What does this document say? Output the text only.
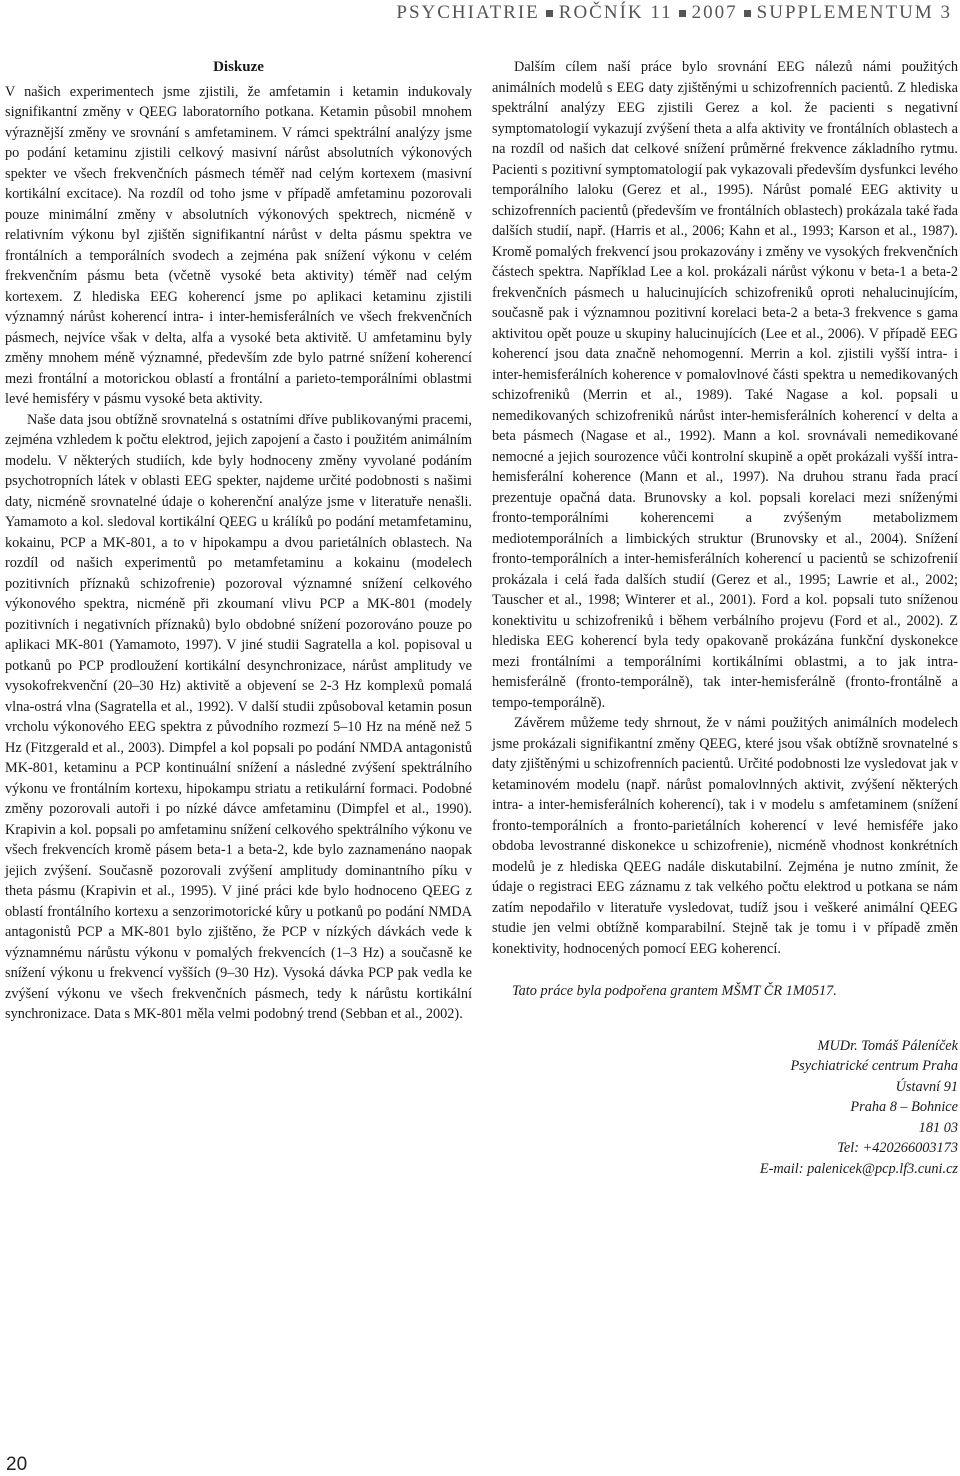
PSYCHIATRIE ROČNÍK 11 2007 SUPPLEMENTUM 3
Diskuze

V našich experimentech jsme zjistili, že amfetamin i ketamin indukovaly signifikantní změny v QEEG laboratorního potkana. Ketamin působil mnohem výraznější změny ve srovnání s amfetaminem. V rámci spektrální analýzy jsme po podání ketaminu zjistili celkový masivní nárůst absolutních výkonových spekter ve všech frekvenčních pásmech téměř nad celým kortexem (masivní kortikální excitace). Na rozdíl od toho jsme v případě amfetaminu pozorovali pouze minimální změny v absolutních výkonových spektrech, nicméně v relativním výkonu byl zjištěn signifikantní nárůst v delta pásmu spektra ve frontálních a temporálních svodech a zejména pak snížení výkonu v celém frekvenčním pásmu beta (včetně vysoké beta aktivity) téměř nad celým kortexem. Z hlediska EEG koherencí jsme po aplikaci ketaminu zjistili významný nárůst koherencí intra- i inter-hemisferálních ve všech frekvenčních pásmech, nejvíce však v delta, alfa a vysoké beta aktivitě. U amfetaminu byly změny mnohem méně významné, především zde bylo patrné snížení koherencí mezi frontální a motorickou oblastí a frontální a parieto-temporálními oblastmi levé hemisféry v pásmu vysoké beta aktivity.

Naše data jsou obtížně srovnatelná s ostatními dříve publikovanými pracemi, zejména vzhledem k počtu elektrod, jejich zapojení a často i použitém animálním modelu. V některých studiích, kde byly hodnoceny změny vyvolané podáním psychotropních látek v oblasti EEG spekter, najdeme určité podobnosti s našimi daty, nicméně srovnatelné údaje o koherenční analýze jsme v literatuře nenašli. Yamamoto a kol. sledoval kortikální QEEG u králíků po podání metamfetaminu, kokainu, PCP a MK-801, a to v hipokampu a dvou parietálních oblastech. Na rozdíl od našich experimentů po metamfetaminu a kokainu (modelech pozitivních příznaků schizofrenie) pozoroval významné snížení celkového výkonového spektra, nicméně při zkoumaní vlivu PCP a MK-801 (modely pozitivních i negativních příznaků) bylo obdobné snížení pozorováno pouze po aplikaci MK-801 (Yamamoto, 1997). V jiné studii Sagratella a kol. popisoval u potkanů po PCP prodloužení kortikální desynchronizace, nárůst amplitudy ve vysokofrekvenční (20–30 Hz) aktivitě a objevení se 2-3 Hz komplexů pomalá vlna-ostrá vlna (Sagratella et al., 1992). V další studii způsoboval ketamin posun vrcholu výkonového EEG spektra z původního rozmezí 5–10 Hz na méně než 5 Hz (Fitzgerald et al., 2003). Dimpfel a kol popsali po podání NMDA antagonistů MK-801, ketaminu a PCP kontinuální snížení a následné zvýšení spektrálního výkonu ve frontálním kortexu, hipokampu striatu a retikulární formaci. Podobné změny pozorovali autoři i po nízké dávce amfetaminu (Dimpfel et al., 1990). Krapivin a kol. popsali po amfetaminu snížení celkového spektrálního výkonu ve všech frekvencích kromě pásem beta-1 a beta-2, kde bylo zaznamenáno naopak jejich zvýšení. Současně pozorovali zvýšení amplitudy dominantního píku v theta pásmu (Krapivin et al., 1995). V jiné práci kde bylo hodnoceno QEEG z oblastí frontálního kortexu a senzorimotorické kůry u potkanů po podání NMDA antagonistů PCP a MK-801 bylo zjištěno, že PCP v nízkých dávkách vede k významnému nárůstu výkonu v pomalých frekvencích (1–3 Hz) a současně ke snížení výkonu u frekvencí vyšších (9–30 Hz). Vysoká dávka PCP pak vedla ke zvýšení výkonu ve všech frekvenčních pásmech, tedy k nárůstu kortikální synchronizace. Data s MK-801 měla velmi podobný trend (Sebban et al., 2002).

Dalším cílem naší práce bylo srovnání EEG nálezů námi použitých animálních modelů s EEG daty zjištěnými u schizofrenních pacientů. Z hlediska spektrální analýzy EEG zjistili Gerez a kol. že pacienti s negativní symptomatologií vykazují zvýšení theta a alfa aktivity ve frontálních oblastech a na rozdíl od našich dat celkové snížení průměrné frekvence základního rytmu. Pacienti s pozitivní symptomatologií pak vykazovali především dysfunkci levého temporálního laloku (Gerez et al., 1995). Nárůst pomalé EEG aktivity u schizofrenních pacientů (především ve frontálních oblastech) prokázala také řada dalších studií, např. (Harris et al., 2006; Kahn et al., 1993; Karson et al., 1987). Kromě pomalých frekvencí jsou prokazovány i změny ve vysokých frekvenčních částech spektra. Například Lee a kol. prokázali nárůst výkonu v beta-1 a beta-2 frekvenčních pásmech u halucinujících schizofreniků oproti nehalucinujícím, současně pak i významnou pozitivní korelaci beta-2 a beta-3 frekvence s gama aktivitou opět pouze u skupiny halucinujících (Lee et al., 2006). V případě EEG koherencí jsou data značně nehomogenní. Merrin a kol. zjistili vyšší intra- i inter-hemisferálních koherence v pomalovlnové části spektra u nemedikovaných schizofreniků (Merrin et al., 1989). Také Nagase a kol. popsali u nemedikovaných schizofreniků nárůst inter-hemisferálních koherencí v delta a beta pásmech (Nagase et al., 1992). Mann a kol. srovnávali nemedikované nemocné a jejich sourozence vůči kontrolní skupině a opět prokázali vyšší intra-hemisferální koherence (Mann et al., 1997). Na druhou stranu řada prací prezentuje opačná data. Brunovsky a kol. popsali korelaci mezi sníženými fronto-temporálními koherencemi a zvýšeným metabolizmem mediotemporálních a limbických struktur (Brunovsky et al., 2004). Snížení fronto-temporálních a inter-hemisferálních koherencí u pacientů se schizofrenií prokázala i celá řada dalších studií (Gerez et al., 1995; Lawrie et al., 2002; Tauscher et al., 1998; Winterer et al., 2001). Ford a kol. popsali tuto sníženou konektivitu u schizofreniků i během verbálního projevu (Ford et al., 2002). Z hlediska EEG koherencí byla tedy opakovaně prokázána funkční dyskonekce mezi frontálními a temporálními kortikálními oblastmi, a to jak intra-hemisferálně (fronto-temporálně), tak inter-hemisferálně (fronto-frontálně a tempo-temporálně).

Závěrem můžeme tedy shrnout, že v námi použitých animálních modelech jsme prokázali signifikantní změny QEEG, které jsou však obtížně srovnatelné s daty zjištěnými u schizofrenních pacientů. Určité podobnosti lze vysledovat jak v ketaminovém modelu (např. nárůst pomalovlnných aktivit, zvýšení některých intra- a inter-hemisferálních koherencí), tak i v modelu s amfetaminem (snížení fronto-temporálních a fronto-parietálních koherencí v levé hemisféře jako obdoba levostranné diskonekce u schizofrenie), nicméně vhodnost konkrétních modelů je z hlediska QEEG nadále diskutabilní. Zejména je nutno zmínit, že údaje o registraci EEG záznamu z tak velkého počtu elektrod u potkana se nám zatím nepodařilo v literatuře vysledovat, tudíž jsou i veškeré animální QEEG studie jen velmi obtížně komparabilní. Stejně tak je tomu i v případě změn konektivity, hodnocených pomocí EEG koherencí.

Tato práce byla podpořena grantem MŠMT ČR 1M0517.

MUDr. Tomáš Páleníček
Psychiatrické centrum Praha
Ústavní 91
Praha 8 – Bohnice
181 03
Tel: +420266003173
E-mail: palenicek@pcp.lf3.cuni.cz
20
